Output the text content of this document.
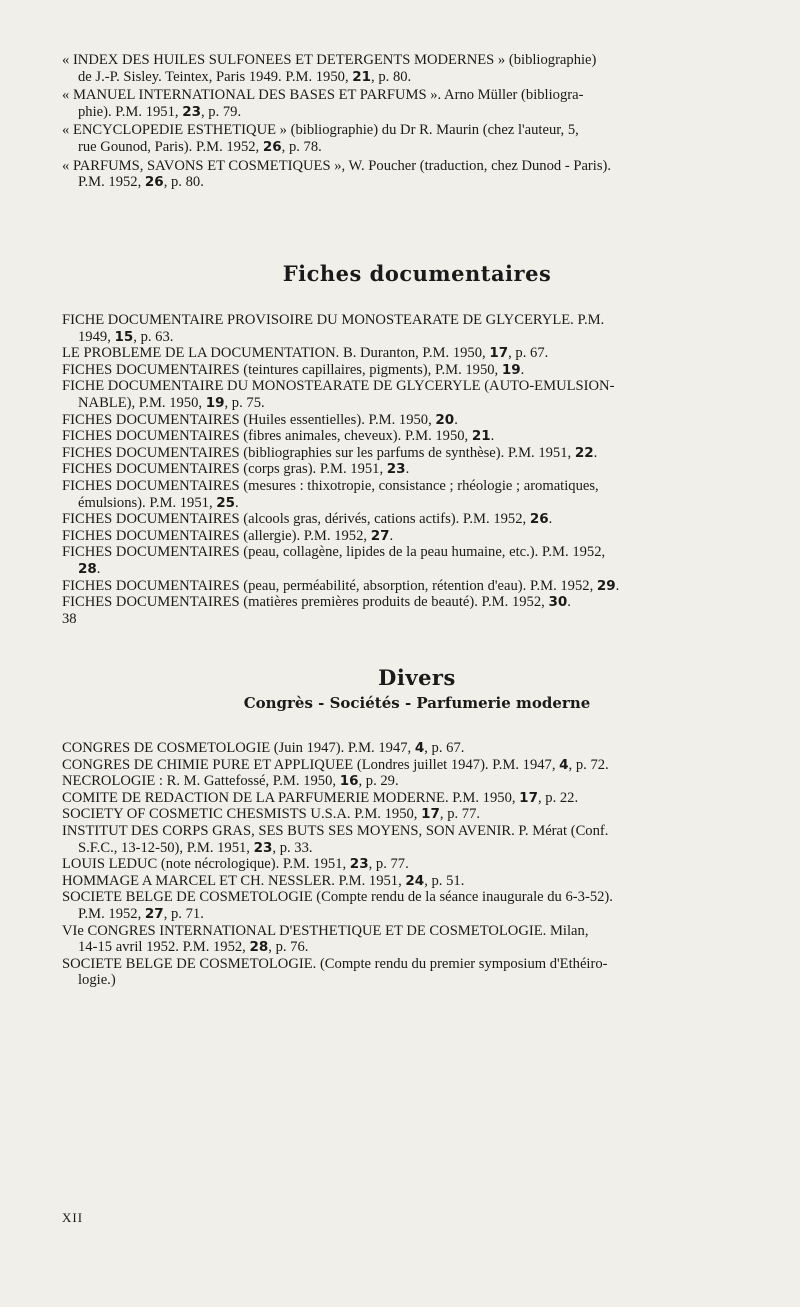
« INDEX DES HUILES SULFONEES ET DETERGENTS MODERNES » (bibliographie)
de J.-P. Sisley. Teintex, Paris 1949. P.M. 1950, 21, p. 80.
« MANUEL INTERNATIONAL DES BASES ET PARFUMS ». Arno Müller (bibliogra-
phie). P.M. 1951, 23, p. 79.
« ENCYCLOPEDIE ESTHETIQUE » (bibliographie) du Dr R. Maurin (chez l'auteur, 5,
rue Gounod, Paris). P.M. 1952, 26, p. 78.
« PARFUMS, SAVONS ET COSMETIQUES », W. Poucher (traduction, chez Dunod - Paris).
P.M. 1952, 26, p. 80.
Fiches documentaires
FICHE DOCUMENTAIRE PROVISOIRE DU MONOSTEARATE DE GLYCERYLE. P.M.
1949, 15, p. 63.
LE PROBLEME DE LA DOCUMENTATION. B. Duranton, P.M. 1950, 17, p. 67.
FICHES DOCUMENTAIRES (teintures capillaires, pigments), P.M. 1950, 19.
FICHE DOCUMENTAIRE DU MONOSTEARATE DE GLYCERYLE (AUTO-EMULSION-
NABLE), P.M. 1950, 19, p. 75.
FICHES DOCUMENTAIRES (Huiles essentielles). P.M. 1950, 20.
FICHES DOCUMENTAIRES (fibres animales, cheveux). P.M. 1950, 21.
FICHES DOCUMENTAIRES (bibliographies sur les parfums de synthèse). P.M. 1951, 22.
FICHES DOCUMENTAIRES (corps gras). P.M. 1951, 23.
FICHES DOCUMENTAIRES (mesures : thixotropie, consistance ; rhéologie ; aromatiques,
émulsions). P.M. 1951, 25.
FICHES DOCUMENTAIRES (alcools gras, dérivés, cations actifs). P.M. 1952, 26.
FICHES DOCUMENTAIRES (allergie). P.M. 1952, 27.
FICHES DOCUMENTAIRES (peau, collagène, lipides de la peau humaine, etc.). P.M. 1952,
28.
FICHES DOCUMENTAIRES (peau, perméabilité, absorption, rétention d'eau). P.M. 1952, 29.
FICHES DOCUMENTAIRES (matières premières produits de beauté). P.M. 1952, 30.
38
Divers
Congrès - Sociétés - Parfumerie moderne
CONGRES DE COSMETOLOGIE (Juin 1947). P.M. 1947, 4, p. 67.
CONGRES DE CHIMIE PURE ET APPLIQUEE (Londres juillet 1947). P.M. 1947, 4, p. 72.
NECROLOGIE : R. M. Gattefossé, P.M. 1950, 16, p. 29.
COMITE DE REDACTION DE LA PARFUMERIE MODERNE. P.M. 1950, 17, p. 22.
SOCIETY OF COSMETIC CHESMISTS U.S.A. P.M. 1950, 17, p. 77.
INSTITUT DES CORPS GRAS, SES BUTS SES MOYENS, SON AVENIR. P. Mérat (Conf.
S.F.C., 13-12-50), P.M. 1951, 23, p. 33.
LOUIS LEDUC (note nécrologique). P.M. 1951, 23, p. 77.
HOMMAGE A MARCEL ET CH. NESSLER. P.M. 1951, 24, p. 51.
SOCIETE BELGE DE COSMETOLOGIE (Compte rendu de la séance inaugurale du 6-3-52).
P.M. 1952, 27, p. 71.
VIe CONGRES INTERNATIONAL D'ESTHETIQUE ET DE COSMETOLOGIE. Milan,
14-15 avril 1952. P.M. 1952, 28, p. 76.
SOCIETE BELGE DE COSMETOLOGIE. (Compte rendu du premier symposium d'Ethéiro-
logie.)
XII
